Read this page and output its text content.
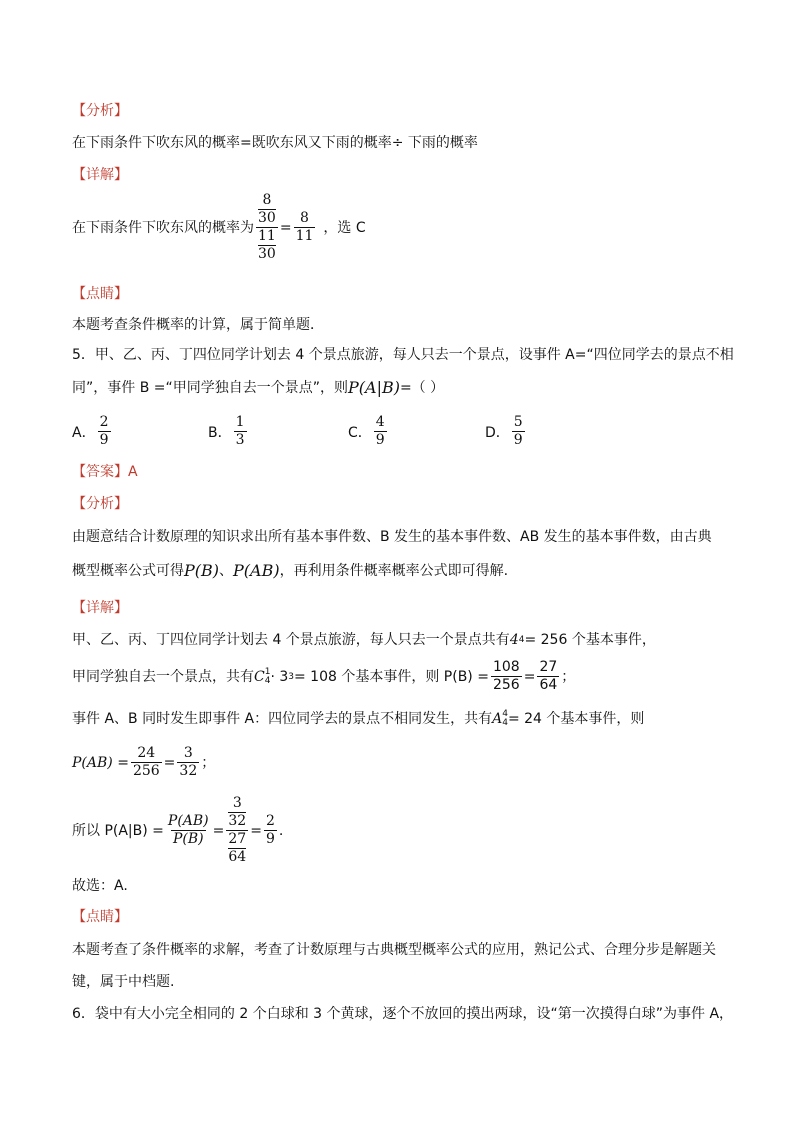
【分析】
在下雨条件下吹东风的概率=既吹东风又下雨的概率÷ 下雨的概率
【详解】
在下雨条件下吹东风的概率为 $\frac{\frac{8}{30}}{\frac{11}{30}} = \frac{8}{11}$ ，选 C
【点睛】
本题考查条件概率的计算，属于简单题．
5．甲、乙、丙、丁四位同学计划去 4 个景点旅游，每人只去一个景点，设事件 A=“四位同学去的景点不相
同”，事件 B =“甲同学独自去一个景点”，则 P(A|B) =（ ）
A． $\frac{2}{9}$	B． $\frac{1}{3}$	C． $\frac{4}{9}$	D． $\frac{5}{9}$
【答案】A
【分析】
由题意结合计数原理的知识求出所有基本事件数、B 发生的基本事件数、AB 发生的基本事件数，由古典
概型概率公式可得 P(B) 、 P(AB) ，再利用条件概率概率公式即可得解.
【详解】
甲、乙、丙、丁四位同学计划去 4 个景点旅游，每人只去一个景点共有 4 4 = 256 个基本事件，
甲同学独自去一个景点，共有 C 1
4 · 3 3 = 108 个基本事件，则 $P(B) = \frac{108}{256} = \frac{27}{64}$ ；
事件 A、B 同时发生即事件 A：四位同学去的景点不相同发生，共有 A 4
4 = 24 个基本事件，则
$P(AB) = \frac{24}{256} = \frac{3}{32}$ ；
所以 $P(A|B) = \frac{P(AB)}{P(B)} = 3$
32
27
$64 = \frac{2}{9}$ .
故选：A.
【点睛】
本题考查了条件概率的求解，考查了计数原理与古典概型概率公式的应用，熟记公式、合理分步是解题关
键，属于中档题.
6．袋中有大小完全相同的 2 个白球和 3 个黄球，逐个不放回的摸出两球，设“第一次摸得白球”为事件 A，
